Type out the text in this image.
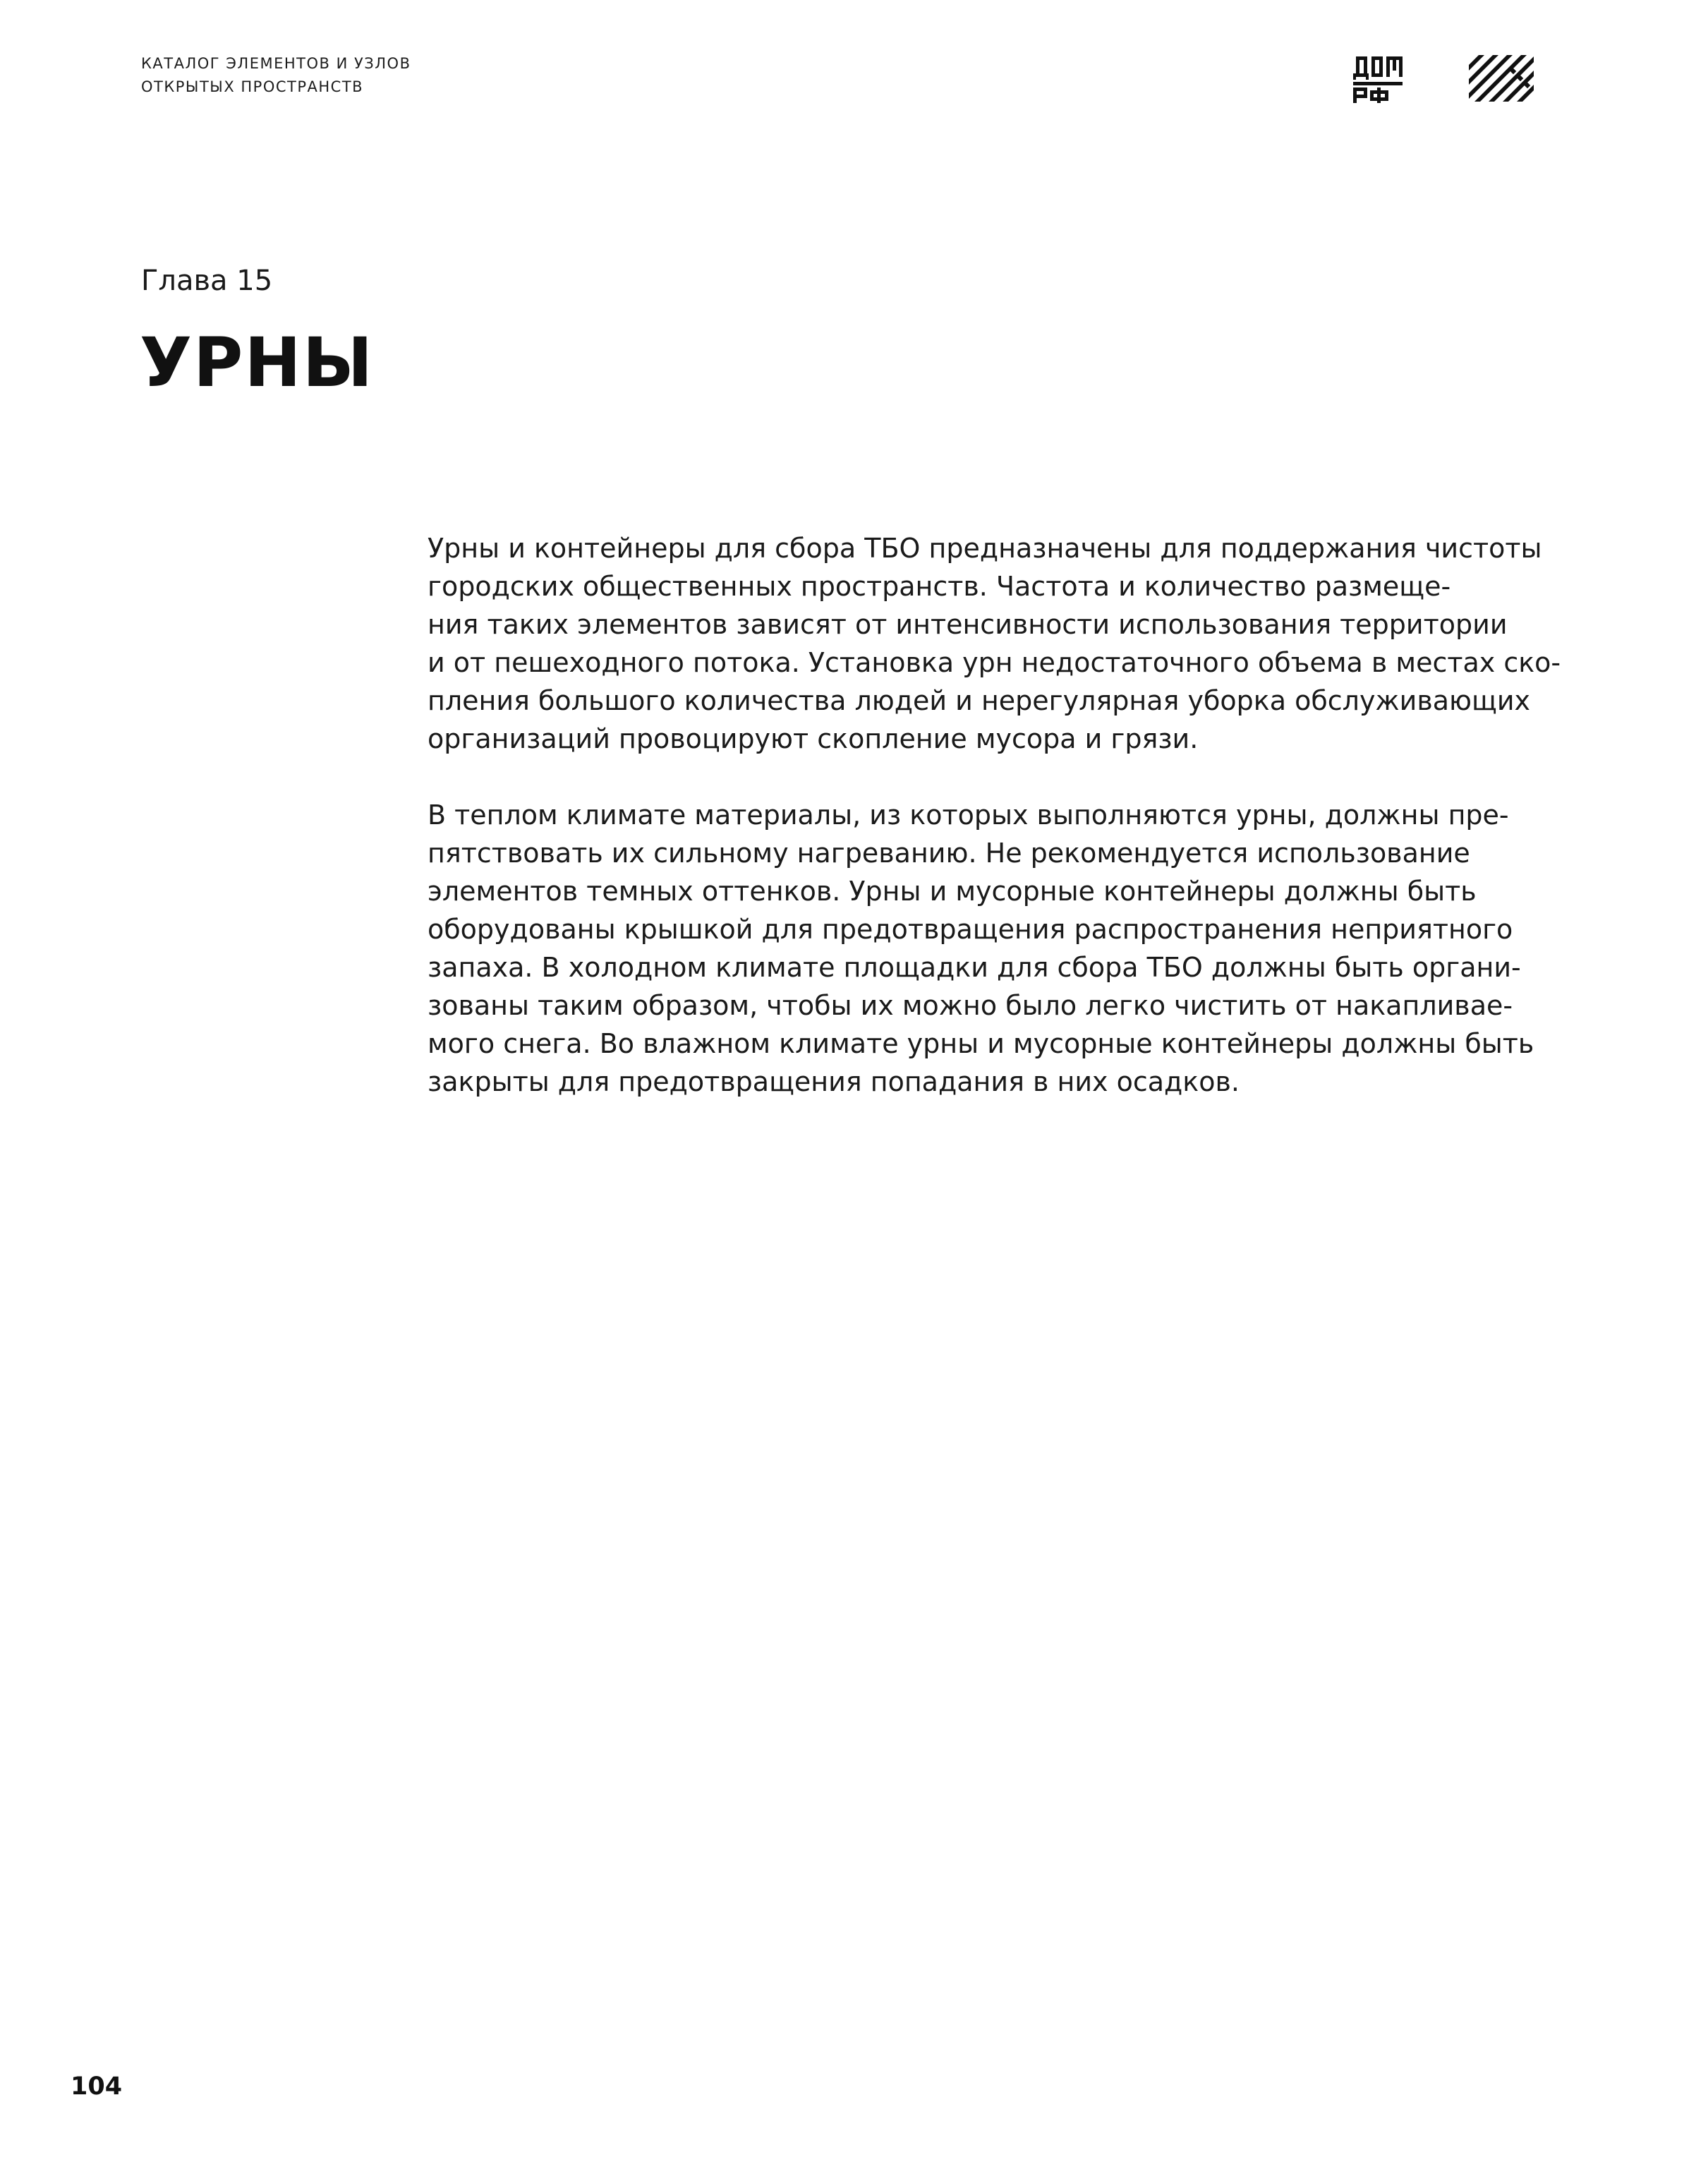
КАТАЛОГ ЭЛЕМЕНТОВ И УЗЛОВ
ОТКРЫТЫХ ПРОСТРАНСТВ
Глава 15
УРНЫ

Урны и контейнеры для сбора ТБО предназначены для поддержания чистоты
городских общественных пространств. Частота и количество размеще-
ния таких элементов зависят от интенсивности использования территории
и от пешеходного потока. Установка урн недостаточного объема в местах ско-
пления большого количества людей и нерегулярная уборка обслуживающих
организаций провоцируют скопление мусора и грязи.

В теплом климате материалы, из которых выполняются урны, должны пре-
пятствовать их сильному нагреванию. Не рекомендуется использование
элементов темных оттенков. Урны и мусорные контейнеры должны быть
оборудованы крышкой для предотвращения распространения неприятного
запаха. В холодном климате площадки для сбора ТБО должны быть органи-
зованы таким образом, чтобы их можно было легко чистить от накапливае-
мого снега. Во влажном климате урны и мусорные контейнеры должны быть
закрыты для предотвращения попадания в них осадков.

104
